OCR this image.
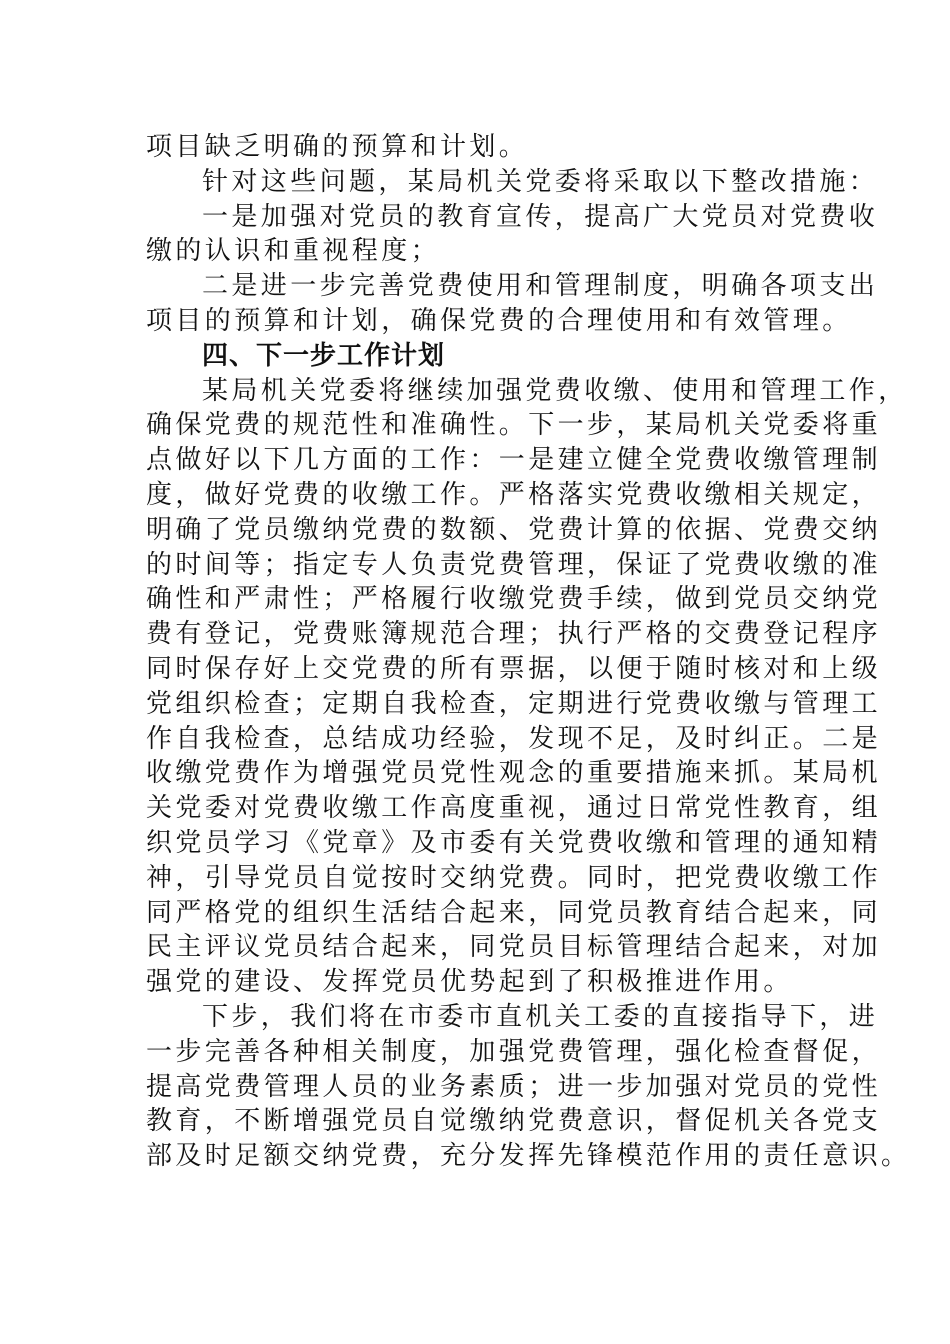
项目缺乏明确的预算和计划。
针对这些问题，某局机关党委将采取以下整改措施：
一是加强对党员的教育宣传，提高广大党员对党费收
缴的认识和重视程度；
二是进一步完善党费使用和管理制度，明确各项支出
项目的预算和计划，确保党费的合理使用和有效管理。
四、下一步工作计划
某局机关党委将继续加强党费收缴、使用和管理工作，
确保党费的规范性和准确性。下一步，某局机关党委将重
点做好以下几方面的工作：一是建立健全党费收缴管理制
度，做好党费的收缴工作。严格落实党费收缴相关规定，
明确了党员缴纳党费的数额、党费计算的依据、党费交纳
的时间等；指定专人负责党费管理，保证了党费收缴的准
确性和严肃性；严格履行收缴党费手续，做到党员交纳党
费有登记，党费账簿规范合理；执行严格的交费登记程序
同时保存好上交党费的所有票据，以便于随时核对和上级
党组织检查；定期自我检查，定期进行党费收缴与管理工
作自我检查，总结成功经验，发现不足，及时纠正。二是
收缴党费作为增强党员党性观念的重要措施来抓。某局机
关党委对党费收缴工作高度重视，通过日常党性教育，组
织党员学习《党章》及市委有关党费收缴和管理的通知精
神，引导党员自觉按时交纳党费。同时，把党费收缴工作
同严格党的组织生活结合起来，同党员教育结合起来，同
民主评议党员结合起来，同党员目标管理结合起来，对加
强党的建设、发挥党员优势起到了积极推进作用。
下步，我们将在市委市直机关工委的直接指导下，进
一步完善各种相关制度，加强党费管理，强化检查督促，
提高党费管理人员的业务素质；进一步加强对党员的党性
教育，不断增强党员自觉缴纳党费意识，督促机关各党支
部及时足额交纳党费，充分发挥先锋模范作用的责任意识。
